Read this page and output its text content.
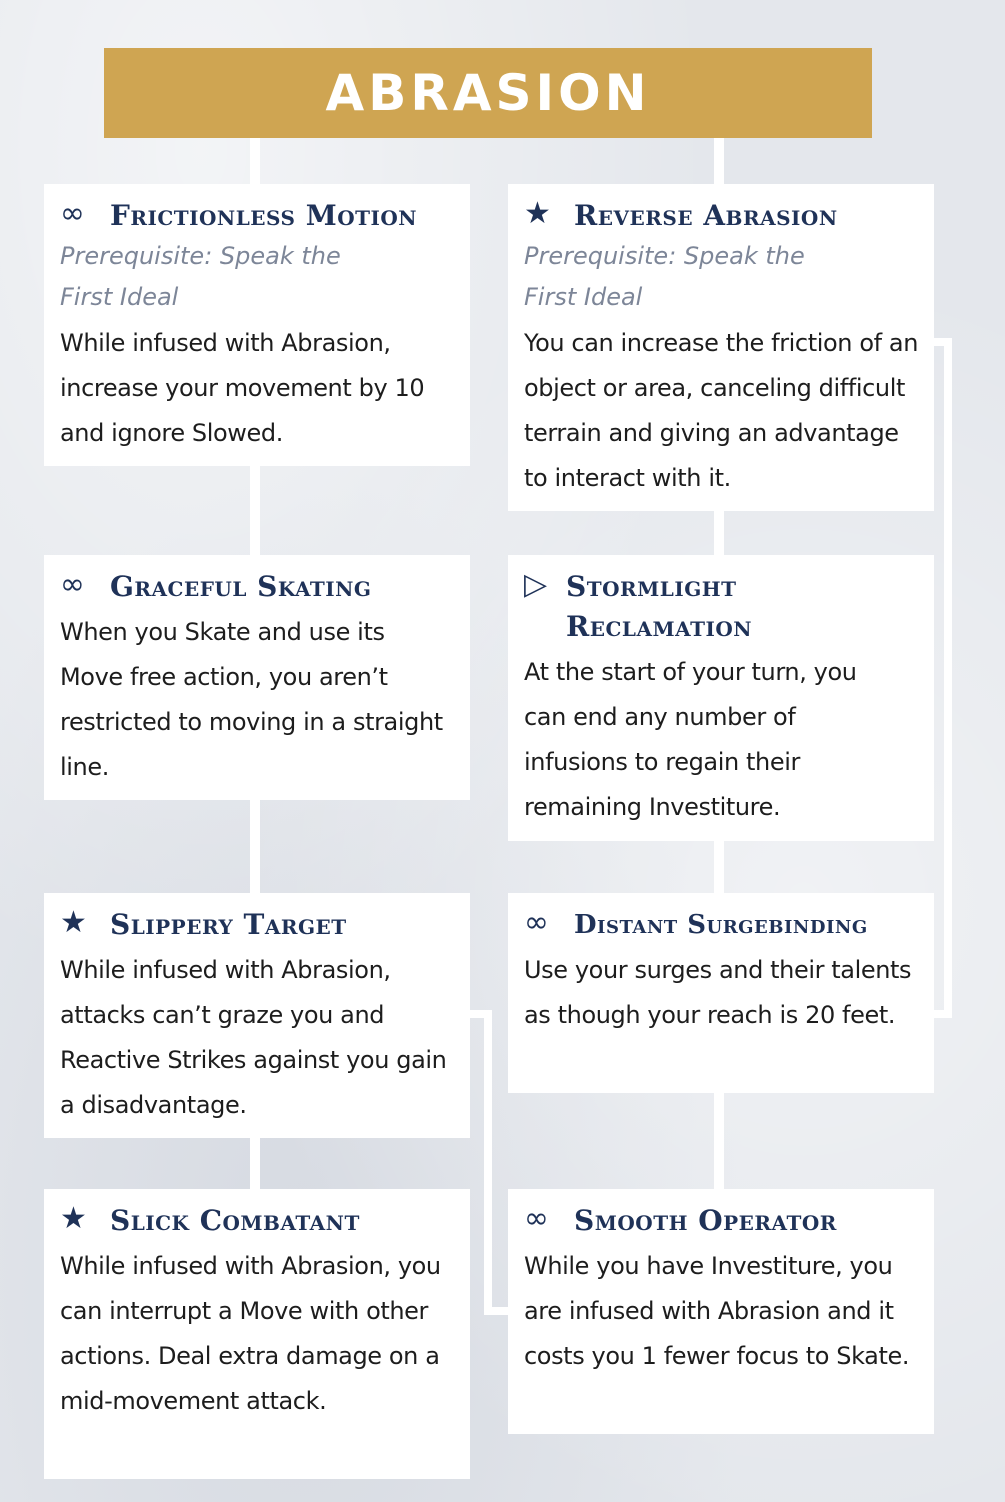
ABRASION
∞ Frictionless Motion
Prerequisite: Speak the First Ideal
While infused with Abrasion, increase your movement by 10 and ignore Slowed.
★ Reverse Abrasion
Prerequisite: Speak the First Ideal
You can increase the friction of an object or area, canceling difficult terrain and giving an advantage to interact with it.
∞ Graceful Skating
When you Skate and use its Move free action, you aren’t restricted to moving in a straight line.
▷ Stormlight Reclamation
At the start of your turn, you can end any number of infusions to regain their remaining Investiture.
★ Slippery Target
While infused with Abrasion, attacks can’t graze you and Reactive Strikes against you gain a disadvantage.
∞ Distant Surgebinding
Use your surges and their talents as though your reach is 20 feet.
★ Slick Combatant
While infused with Abrasion, you can interrupt a Move with other actions. Deal extra damage on a mid-movement attack.
∞ Smooth Operator
While you have Investiture, you are infused with Abrasion and it costs you 1 fewer focus to Skate.
